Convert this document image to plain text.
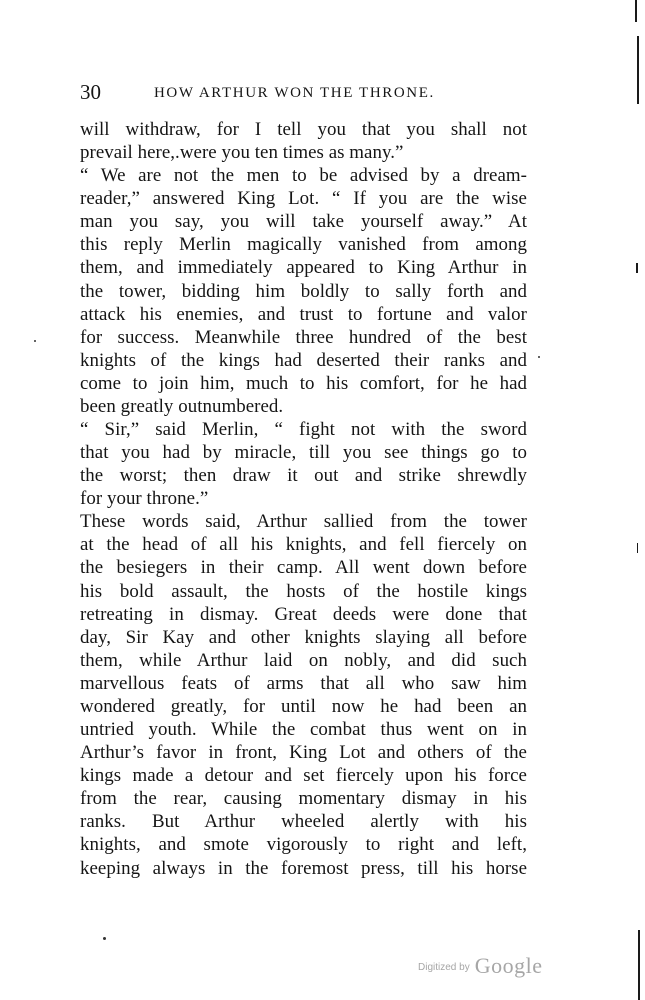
30	HOW ARTHUR WON THE THRONE.
will withdraw, for I tell you that you shall not
prevail here,.were you ten times as many.”
“ We are not the men to be advised by a dream-
reader,” answered King Lot. “ If you are the wise
man you say, you will take yourself away.” At
this reply Merlin magically vanished from among
them, and immediately appeared to King Arthur in
the tower, bidding him boldly to sally forth and
attack his enemies, and trust to fortune and valor
for success. Meanwhile three hundred of the best
knights of the kings had deserted their ranks and
come to join him, much to his comfort, for he had
been greatly outnumbered.
“ Sir,” said Merlin, “ fight not with the sword
that you had by miracle, till you see things go to
the worst; then draw it out and strike shrewdly
for your throne.”
These words said, Arthur sallied from the tower
at the head of all his knights, and fell fiercely on
the besiegers in their camp. All went down before
his bold assault, the hosts of the hostile kings
retreating in dismay. Great deeds were done that
day, Sir Kay and other knights slaying all before
them, while Arthur laid on nobly, and did such
marvellous feats of arms that all who saw him
wondered greatly, for until now he had been an
untried youth. While the combat thus went on in
Arthur’s favor in front, King Lot and others of the
kings made a detour and set fiercely upon his force
from the rear, causing momentary dismay in his
ranks. But Arthur wheeled alertly with his
knights, and smote vigorously to right and left,
keeping always in the foremost press, till his horse
Digitized by Google
